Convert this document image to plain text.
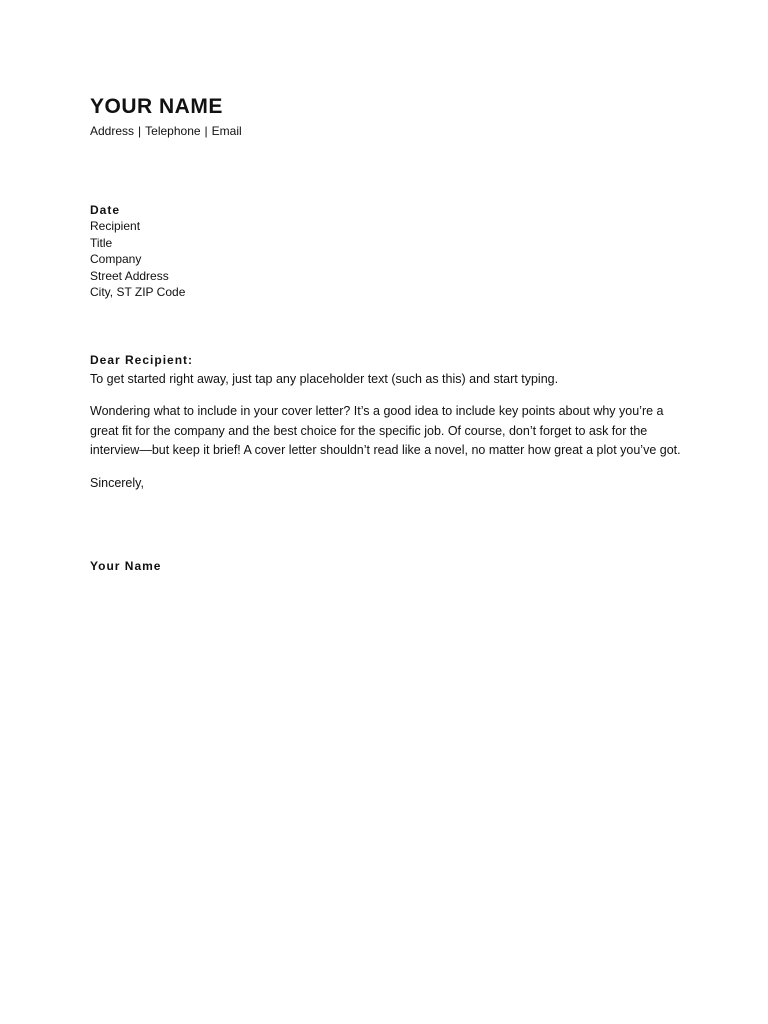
YOUR NAME
Address | Telephone | Email
Date
Recipient
Title
Company
Street Address
City, ST ZIP Code
Dear Recipient:

To get started right away, just tap any placeholder text (such as this) and start typing.

Wondering what to include in your cover letter? It’s a good idea to include key points about why you’re a great fit for the company and the best choice for the specific job. Of course, don’t forget to ask for the interview—but keep it brief! A cover letter shouldn’t read like a novel, no matter how great a plot you’ve got.

Sincerely,
Your Name
